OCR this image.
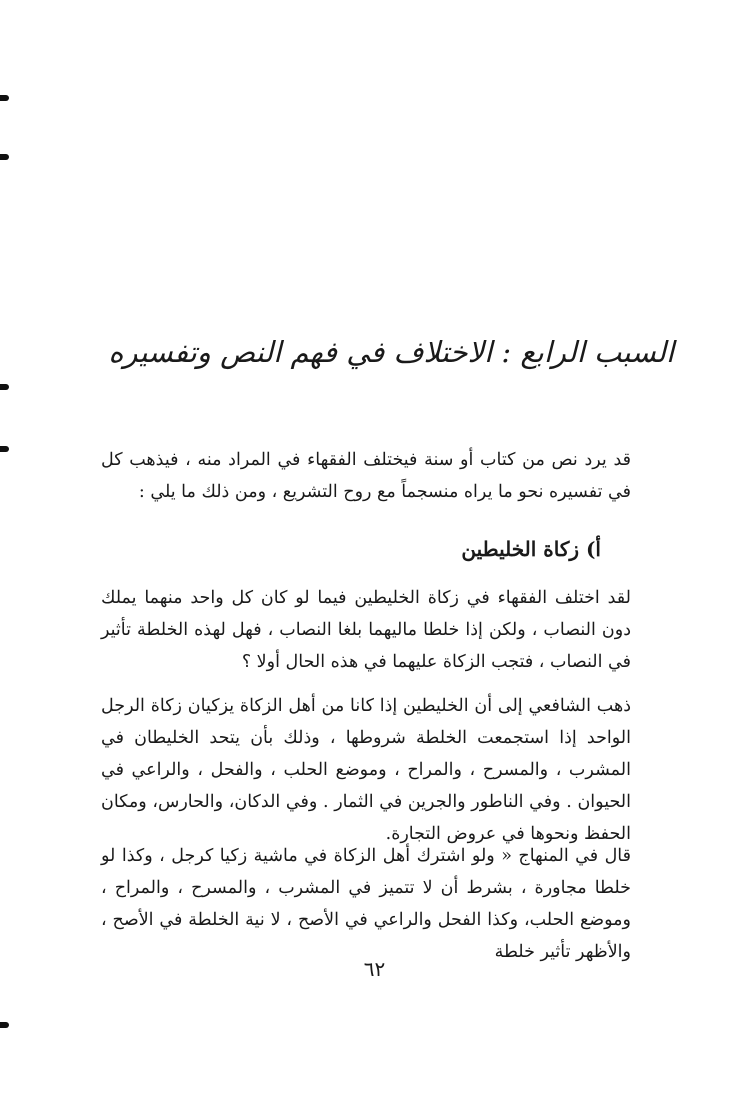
السبب الرابع : الاختلاف في فهم النص وتفسيره

قد يرد نص من كتاب أو سنة فيختلف الفقهاء في المراد منه ، فيذهب كل في تفسيره نحو ما يراه منسجماً مع روح التشريع ، ومن ذلك ما يلي :

أ) زكاة الخليطين

لقد اختلف الفقهاء في زكاة الخليطين فيما لو كان كل واحد منهما يملك دون النصاب ، ولكن إذا خلطا ماليهما بلغا النصاب ، فهل لهذه الخلطة تأثير في النصاب ، فتجب الزكاة عليهما في هذه الحال أولا ؟

ذهب الشافعي إلى أن الخليطين إذا كانا من أهل الزكاة يزكيان زكاة الرجل الواحد إذا استجمعت الخلطة شروطها ، وذلك بأن يتحد الخليطان في المشرب ، والمسرح ، والمراح ، وموضع الحلب ، والفحل ، والراعي في الحيوان . وفي الناطور والجرين في الثمار . وفي الدكان، والحارس، ومكان الحفظ ونحوها في عروض التجارة.

قال في المنهاج « ولو اشترك أهل الزكاة في ماشية زكيا كرجل ، وكذا لو خلطا مجاورة ، بشرط أن لا تتميز في المشرب ، والمسرح ، والمراح ، وموضع الحلب، وكذا الفحل والراعي في الأصح ، لا نية الخلطة في الأصح ، والأظهر تأثير خلطة

٦٢
